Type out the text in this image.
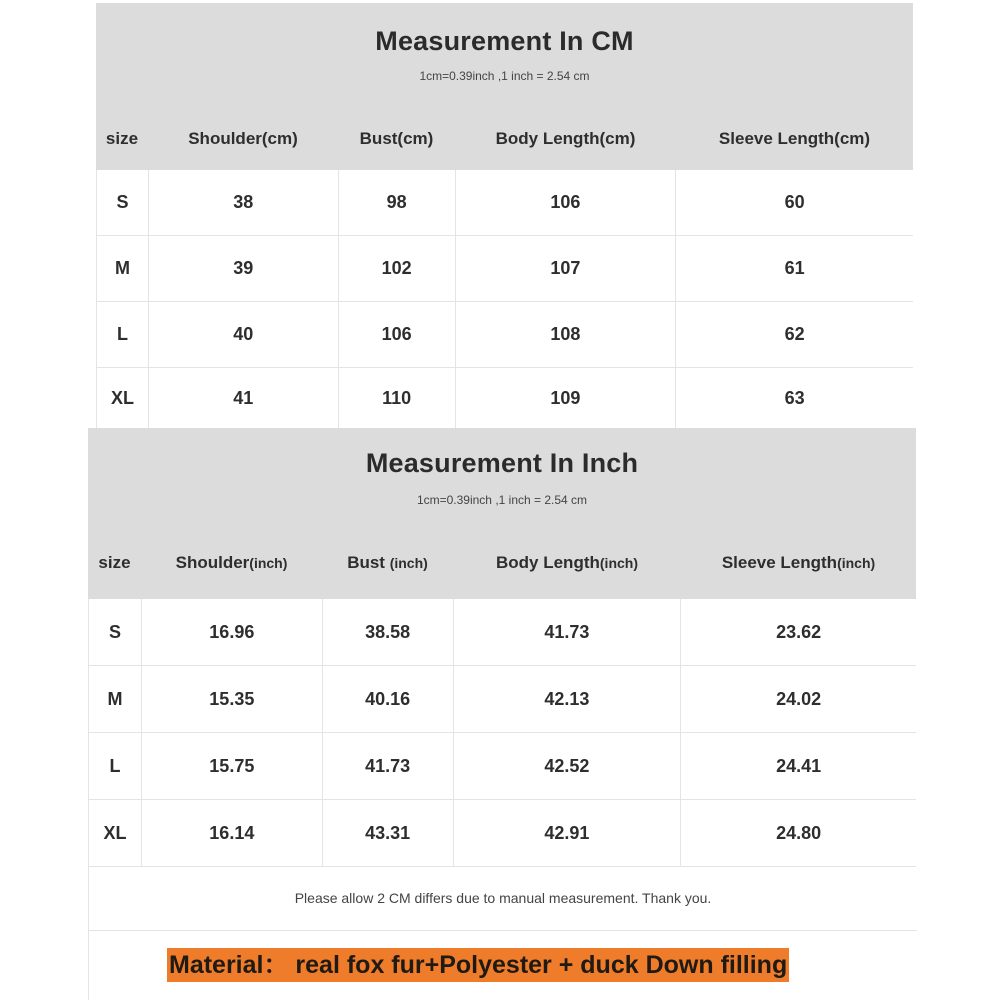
Measurement In CM
1cm=0.39inch ,1 inch = 2.54 cm
size	Shoulder(cm)	Bust(cm)	Body Length(cm)	Sleeve Length(cm)
S	38	98	106	60
M	39	102	107	61
L	40	106	108	62
XL	41	110	109	63
Measurement In Inch
1cm=0.39inch ,1 inch = 2.54 cm
size	Shoulder(inch)	Bust (inch)	Body Length(inch)	Sleeve Length(inch)
S	16.96	38.58	41.73	23.62
M	15.35	40.16	42.13	24.02
L	15.75	41.73	42.52	24.41
XL	16.14	43.31	42.91	24.80
Please allow 2 CM differs due to manual measurement. Thank you.
Material： real fox fur+Polyester + duck Down filling
